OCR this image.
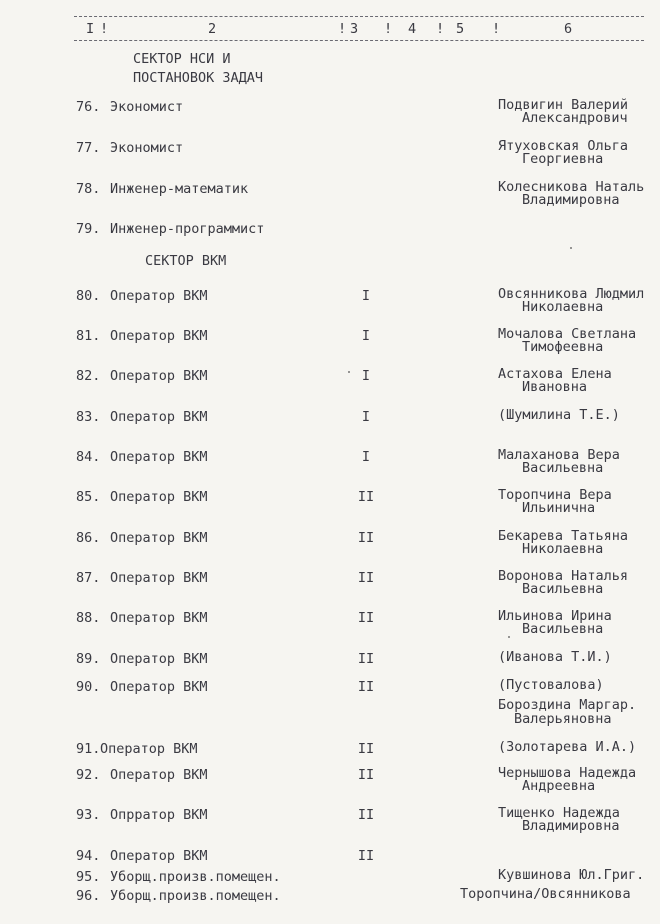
I !	2	! 3 ! 4 ! 5 !	6
СЕКТОР НСИ И
ПОСТАНОВОК ЗАДАЧ
СЕКТОР ВКМ
76. Экономист	Подвигин Валерий
Александрович
77. Экономист	Ятуховская Ольга
Георгиевна
78. Инженер-математик	Колесникова Наталь
Владимировна
79. Инженер-программист
80. Оператор ВКМ	I	Овсянникова Людмил
Николаевна
81. Оператор ВКМ	I	Мочалова Светлана
Тимофеевна
82. Оператор ВКМ	I	Астахова Елена
Ивановна
83. Оператор ВКМ	I	(Шумилина Т.Е.)
84. Оператор ВКМ	I	Малаханова Вера
Васильевна
85. Оператор ВКМ	II	Торопчина Вера
Ильинична
86. Оператор ВКМ	II	Бекарева Татьяна
Николаевна
87. Оператор ВКМ	II	Воронова Наталья
Васильевна
88. Оператор ВКМ	II	Ильинова Ирина
Васильевна
89. Оператор ВКМ	II	(Иванова Т.И.)
90. Оператор ВКМ	II	(Пустовалова)
Бороздина Маргар.
Валерьяновна
91. Оператор ВКМ	II	(Золотарева И.А.)
92. Оператор ВКМ	II	Чернышова Надежда
Андреевна
93. Опрратор ВКМ	II	Тищенко Надежда
Владимировна
94. Оператор ВКМ	II
95. Уборщ.произв.помещен.	Кувшинова Юл.Григ.
96. Уборщ.произв.помещен.	Торопчина/Овсянникова
